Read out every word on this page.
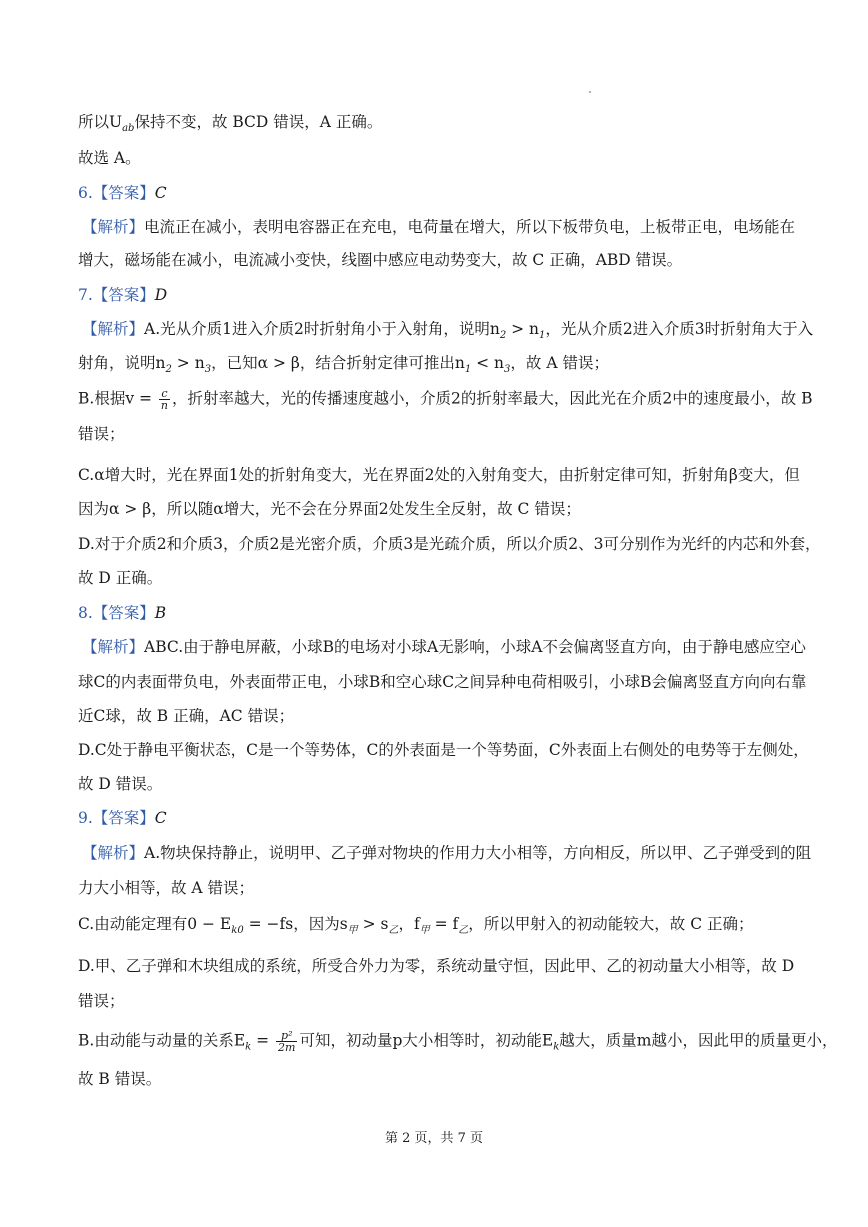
所以$U_{ab}$保持不变，故 BCD 错误，A 正确。
故选 A。
6.【答案】C
【解析】电流正在减小，表明电容器正在充电，电荷量在增大，所以下板带负电，上板带正电，电场能在
增大，磁场能在减小，电流减小变快，线圈中感应电动势变大，故 C 正确，ABD 错误。
7.【答案】D
【解析】A.光从介质1进入介质2时折射角小于入射角，说明$n_2 > n_1$，光从介质2进入介质3时折射角大于入
射角，说明$n_2 > n_3$，已知α > β，结合折射定律可推出$n_1 < n_3$，故 A 错误；
B.根据$v = \frac{c}{n}$ ，折射率越大，光的传播速度越小，介质2的折射率最大，因此光在介质2中的速度最小，故 B
错误；
C.α增大时，光在界面1处的折射角变大，光在界面2处的入射角变大，由折射定律可知，折射角β变大，但
因为α > β，所以随α增大，光不会在分界面2处发生全反射，故 C 错误；
D.对于介质2和介质3，介质2是光密介质，介质3是光疏介质，所以介质2、3可分别作为光纤的内芯和外套，
故 D 正确。
8.【答案】B
【解析】ABC.由于静电屏蔽，小球B的电场对小球A无影响，小球A不会偏离竖直方向，由于静电感应空心
球C的内表面带负电，外表面带正电，小球B和空心球C之间异种电荷相吸引，小球B会偏离竖直方向向右靠
近C球，故 B 正确，AC 错误；
D.C处于静电平衡状态，C是一个等势体，C的外表面是一个等势面，C外表面上右侧处的电势等于左侧处，
故 D 错误。
9.【答案】C
【解析】A.物块保持静止，说明甲、乙子弹对物块的作用力大小相等，方向相反，所以甲、乙子弹受到的阻
力大小相等，故 A 错误；
C.由动能定理有$0 - E_{k0} = -fs$，因为$s_甲 > s_乙$，$f_甲 = f_乙$，所以甲射入的初动能较大，故 C 正确；
D.甲、乙子弹和木块组成的系统，所受合外力为零，系统动量守恒，因此甲、乙的初动量大小相等，故 D
错误；
B.由动能与动量的关系$E_k = \frac{\text{p²}}{2m}$ 可知，初动量p大小相等时，初动能$E_k$越大，质量m越小，因此甲的质量更小，
故 B 错误。
第 2 页，共 7 页
